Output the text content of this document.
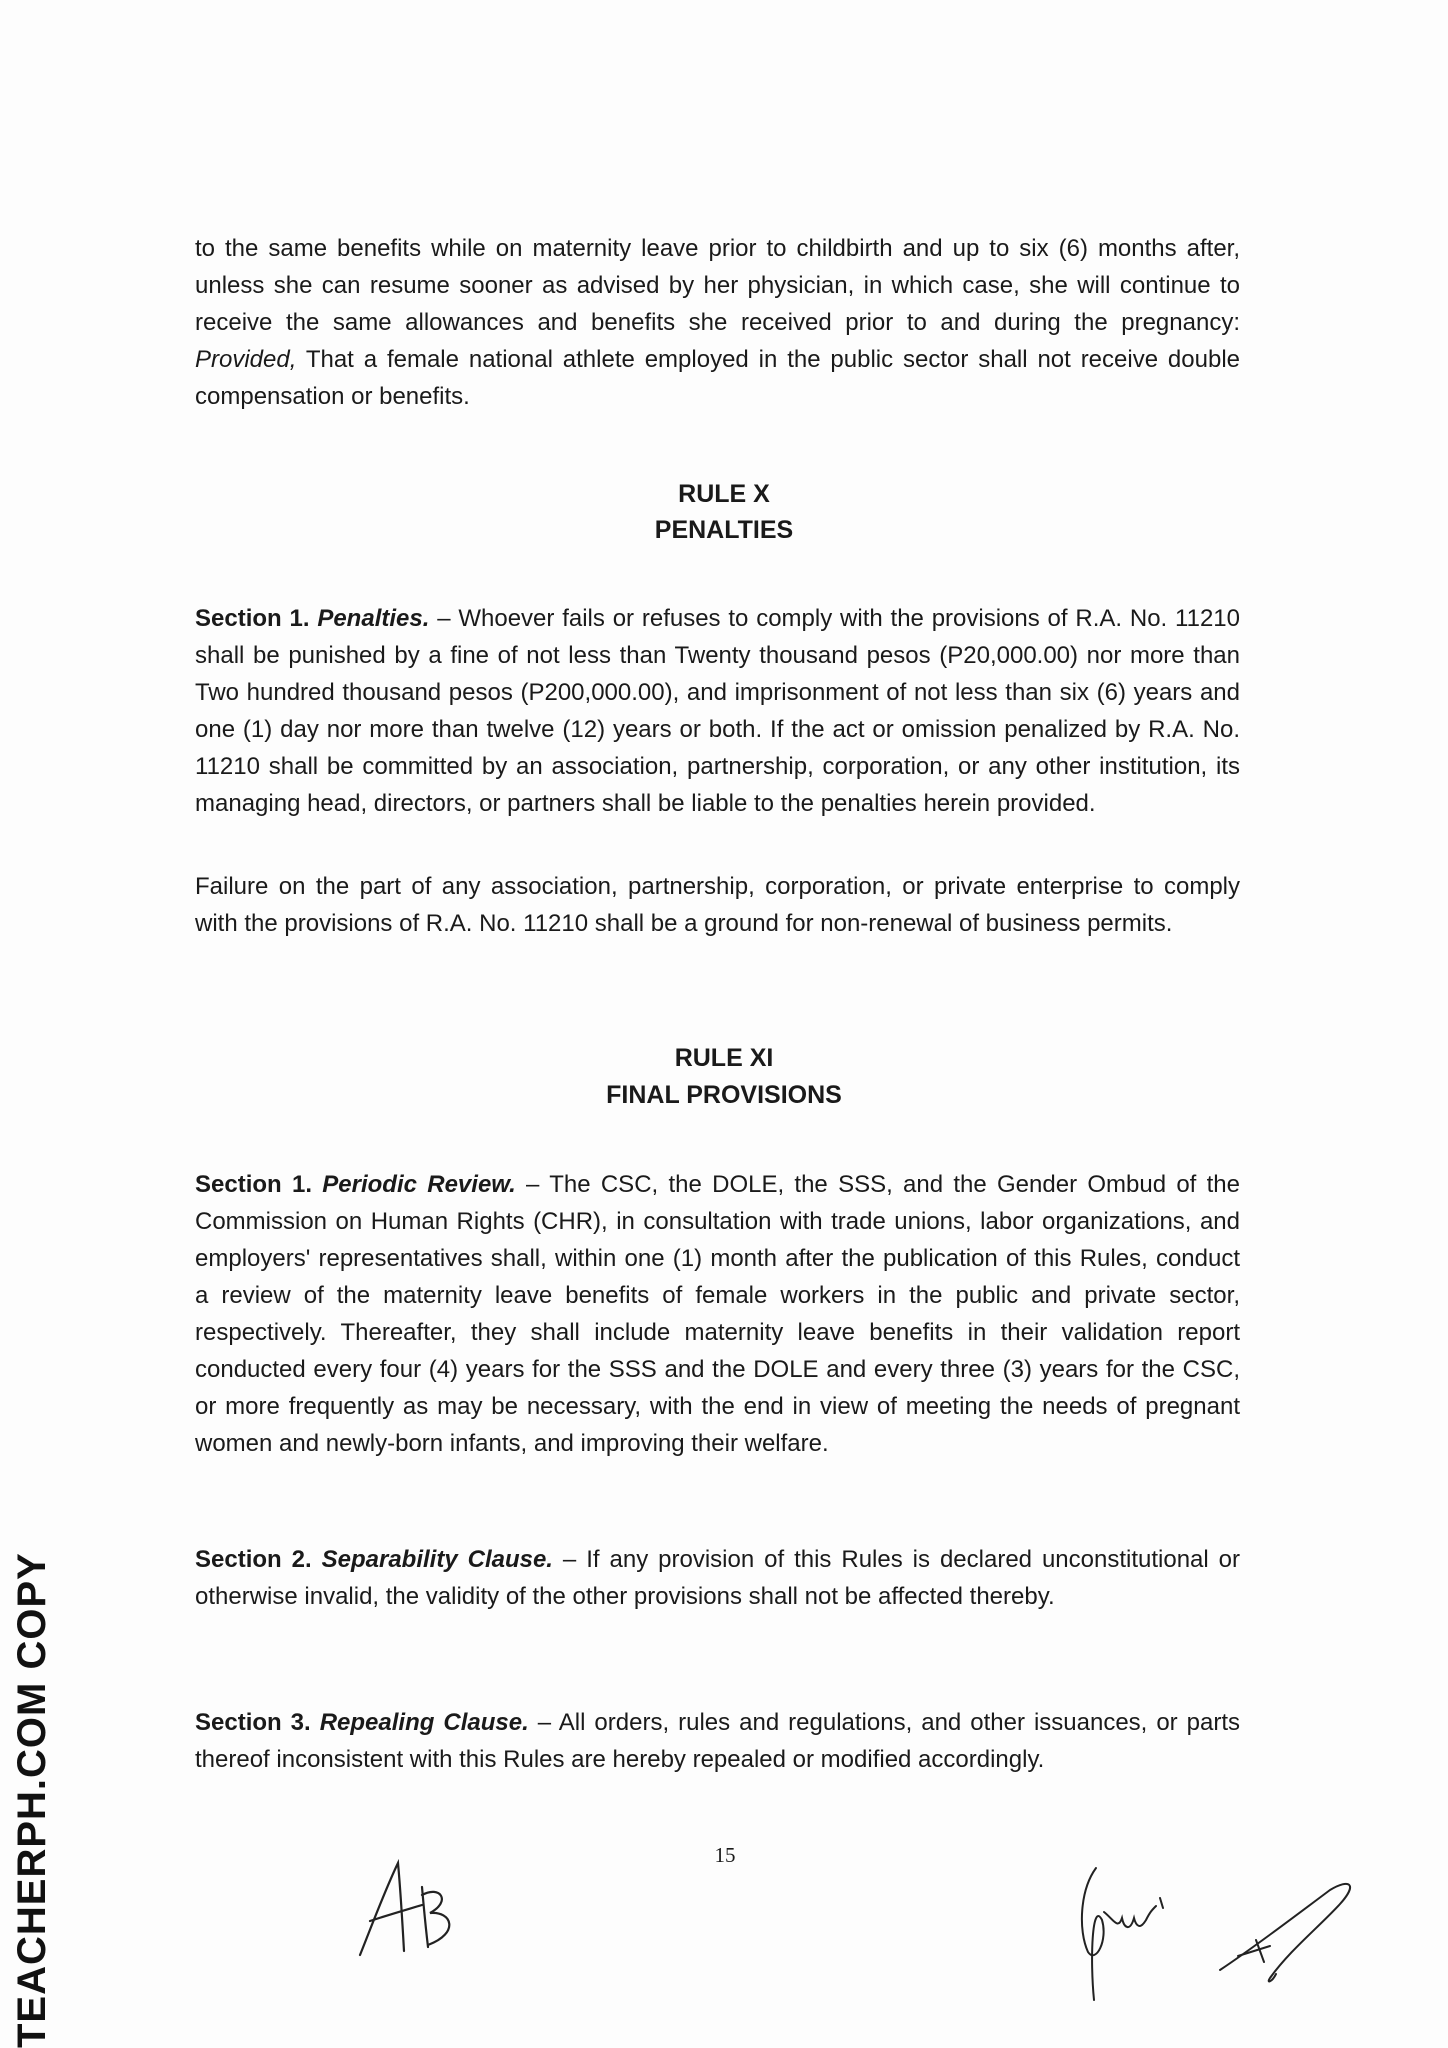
to the same benefits while on maternity leave prior to childbirth and up to six (6) months after, unless she can resume sooner as advised by her physician, in which case, she will continue to receive the same allowances and benefits she received prior to and during the pregnancy: Provided, That a female national athlete employed in the public sector shall not receive double compensation or benefits.

RULE X
PENALTIES

Section 1. Penalties. – Whoever fails or refuses to comply with the provisions of R.A. No. 11210 shall be punished by a fine of not less than Twenty thousand pesos (P20,000.00) nor more than Two hundred thousand pesos (P200,000.00), and imprisonment of not less than six (6) years and one (1) day nor more than twelve (12) years or both. If the act or omission penalized by R.A. No. 11210 shall be committed by an association, partnership, corporation, or any other institution, its managing head, directors, or partners shall be liable to the penalties herein provided.

Failure on the part of any association, partnership, corporation, or private enterprise to comply with the provisions of R.A. No. 11210 shall be a ground for non-renewal of business permits.

RULE XI
FINAL PROVISIONS

Section 1. Periodic Review. – The CSC, the DOLE, the SSS, and the Gender Ombud of the Commission on Human Rights (CHR), in consultation with trade unions, labor organizations, and employers' representatives shall, within one (1) month after the publication of this Rules, conduct a review of the maternity leave benefits of female workers in the public and private sector, respectively. Thereafter, they shall include maternity leave benefits in their validation report conducted every four (4) years for the SSS and the DOLE and every three (3) years for the CSC, or more frequently as may be necessary, with the end in view of meeting the needs of pregnant women and newly-born infants, and improving their welfare.

Section 2. Separability Clause. – If any provision of this Rules is declared unconstitutional or otherwise invalid, the validity of the other provisions shall not be affected thereby.

Section 3. Repealing Clause. – All orders, rules and regulations, and other issuances, or parts thereof inconsistent with this Rules are hereby repealed or modified accordingly.

15
TEACHERPH.COM COPY
